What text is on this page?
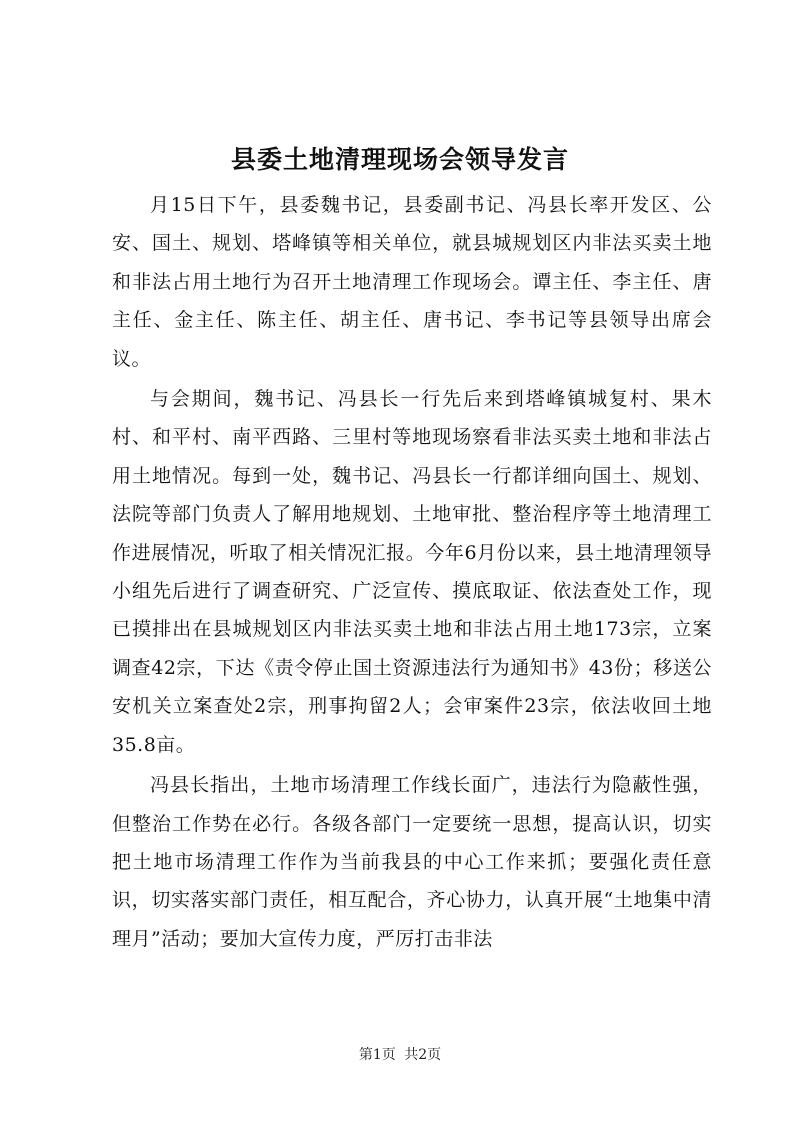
县委土地清理现场会领导发言

月15日下午，县委魏书记，县委副书记、冯县长率开发区、公安、国土、规划、塔峰镇等相关单位，就县城规划区内非法买卖土地和非法占用土地行为召开土地清理工作现场会。谭主任、李主任、唐主任、金主任、陈主任、胡主任、唐书记、李书记等县领导出席会议。

与会期间，魏书记、冯县长一行先后来到塔峰镇城复村、果木村、和平村、南平西路、三里村等地现场察看非法买卖土地和非法占用土地情况。每到一处，魏书记、冯县长一行都详细向国土、规划、法院等部门负责人了解用地规划、土地审批、整治程序等土地清理工作进展情况，听取了相关情况汇报。今年6月份以来，县土地清理领导小组先后进行了调查研究、广泛宣传、摸底取证、依法查处工作，现已摸排出在县城规划区内非法买卖土地和非法占用土地173宗，立案调查42宗，下达《责令停止国土资源违法行为通知书》43份；移送公安机关立案查处2宗，刑事拘留2人；会审案件23宗，依法收回土地35.8亩。

冯县长指出，土地市场清理工作线长面广，违法行为隐蔽性强，但整治工作势在必行。各级各部门一定要统一思想，提高认识，切实把土地市场清理工作作为当前我县的中心工作来抓；要强化责任意识，切实落实部门责任，相互配合，齐心协力，认真开展“土地集中清理月”活动；要加大宣传力度，严厉打击非法

第1页 共2页
